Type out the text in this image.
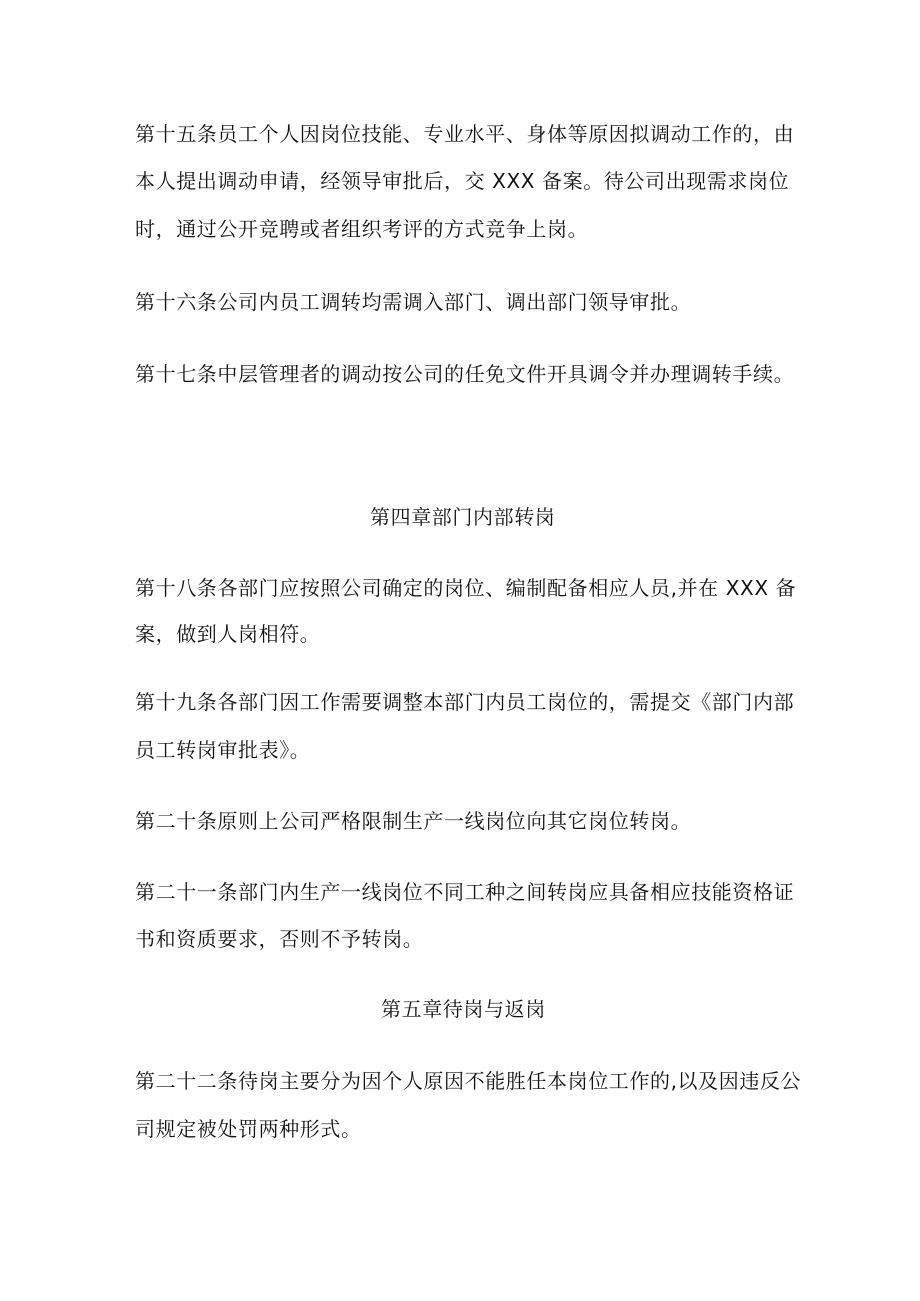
第十五条员工个人因岗位技能、专业水平、身体等原因拟调动工作的，由
本人提出调动申请，经领导审批后，交 XXX 备案。待公司出现需求岗位
时，通过公开竞聘或者组织考评的方式竞争上岗。
第十六条公司内员工调转均需调入部门、调出部门领导审批。
第十七条中层管理者的调动按公司的任免文件开具调令并办理调转手续。
第四章部门内部转岗
第十八条各部门应按照公司确定的岗位、编制配备相应人员,并在 XXX 备
案，做到人岗相符。
第十九条各部门因工作需要调整本部门内员工岗位的，需提交《部门内部
员工转岗审批表》。
第二十条原则上公司严格限制生产一线岗位向其它岗位转岗。
第二十一条部门内生产一线岗位不同工种之间转岗应具备相应技能资格证
书和资质要求，否则不予转岗。
第五章待岗与返岗
第二十二条待岗主要分为因个人原因不能胜任本岗位工作的,以及因违反公
司规定被处罚两种形式。
